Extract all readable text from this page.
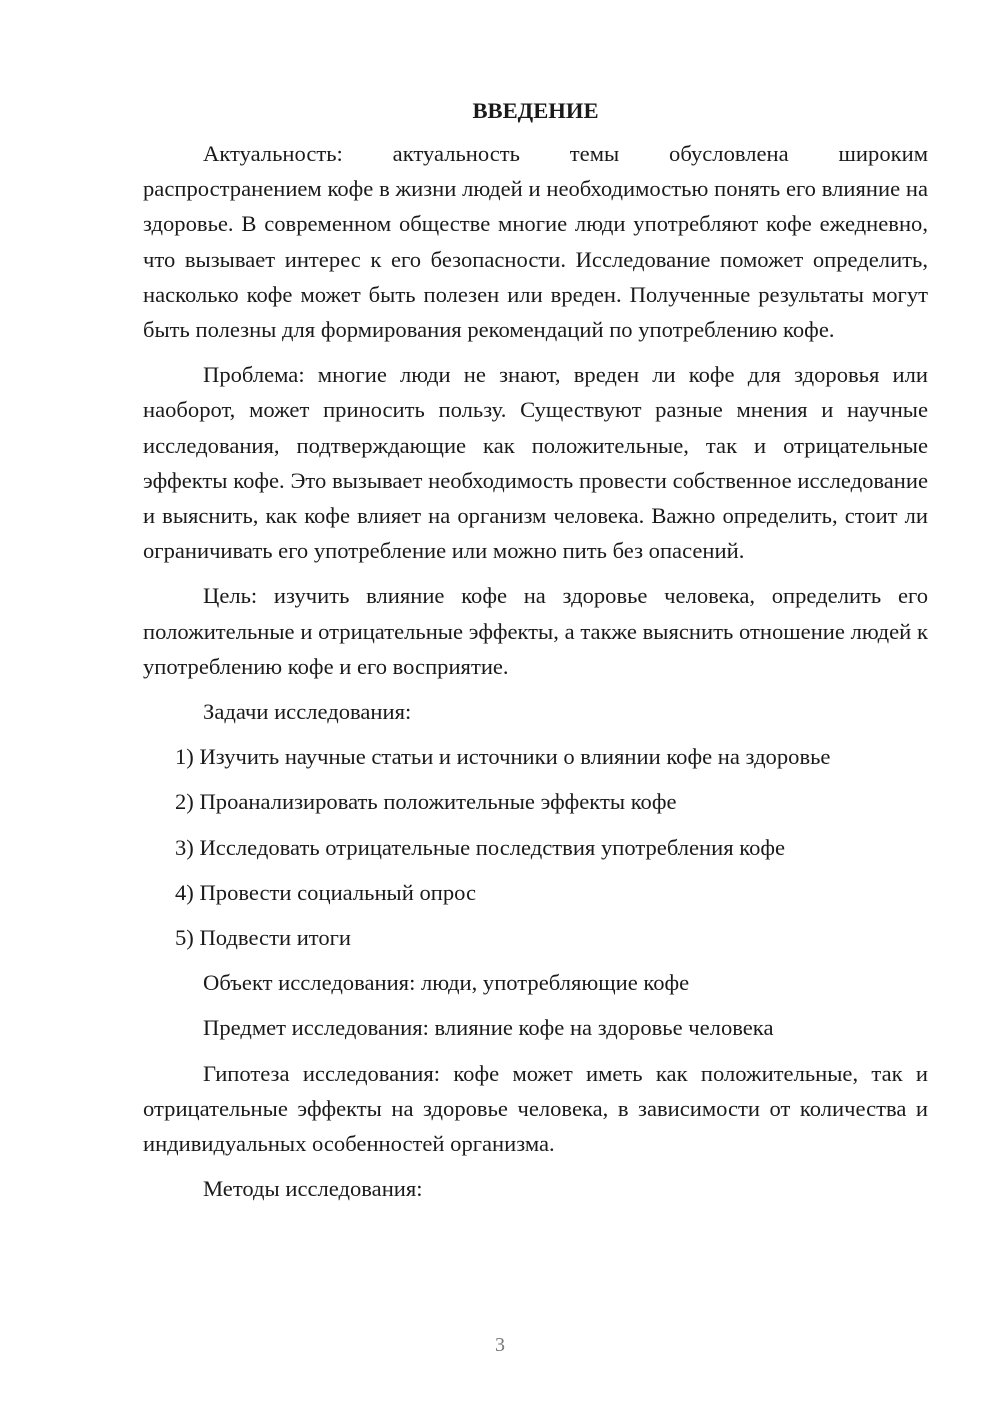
ВВЕДЕНИЕ

Актуальность: актуальность темы обусловлена широким распространением кофе в жизни людей и необходимостью понять его влияние на здоровье. В современном обществе многие люди употребляют кофе ежедневно, что вызывает интерес к его безопасности. Исследование поможет определить, насколько кофе может быть полезен или вреден. Полученные результаты могут быть полезны для формирования рекомендаций по употреблению кофе.

Проблема: многие люди не знают, вреден ли кофе для здоровья или наоборот, может приносить пользу. Существуют разные мнения и научные исследования, подтверждающие как положительные, так и отрицательные эффекты кофе. Это вызывает необходимость провести собственное исследование и выяснить, как кофе влияет на организм человека. Важно определить, стоит ли ограничивать его употребление или можно пить без опасений.

Цель: изучить влияние кофе на здоровье человека, определить его положительные и отрицательные эффекты, а также выяснить отношение людей к употреблению кофе и его восприятие.

Задачи исследования:
1) Изучить научные статьи и источники о влиянии кофе на здоровье
2) Проанализировать положительные эффекты кофе
3) Исследовать отрицательные последствия употребления кофе
4) Провести социальный опрос
5) Подвести итоги
Объект исследования: люди, употребляющие кофе
Предмет исследования: влияние кофе на здоровье человека

Гипотеза исследования: кофе может иметь как положительные, так и отрицательные эффекты на здоровье человека, в зависимости от количества и индивидуальных особенностей организма.

Методы исследования:
3
